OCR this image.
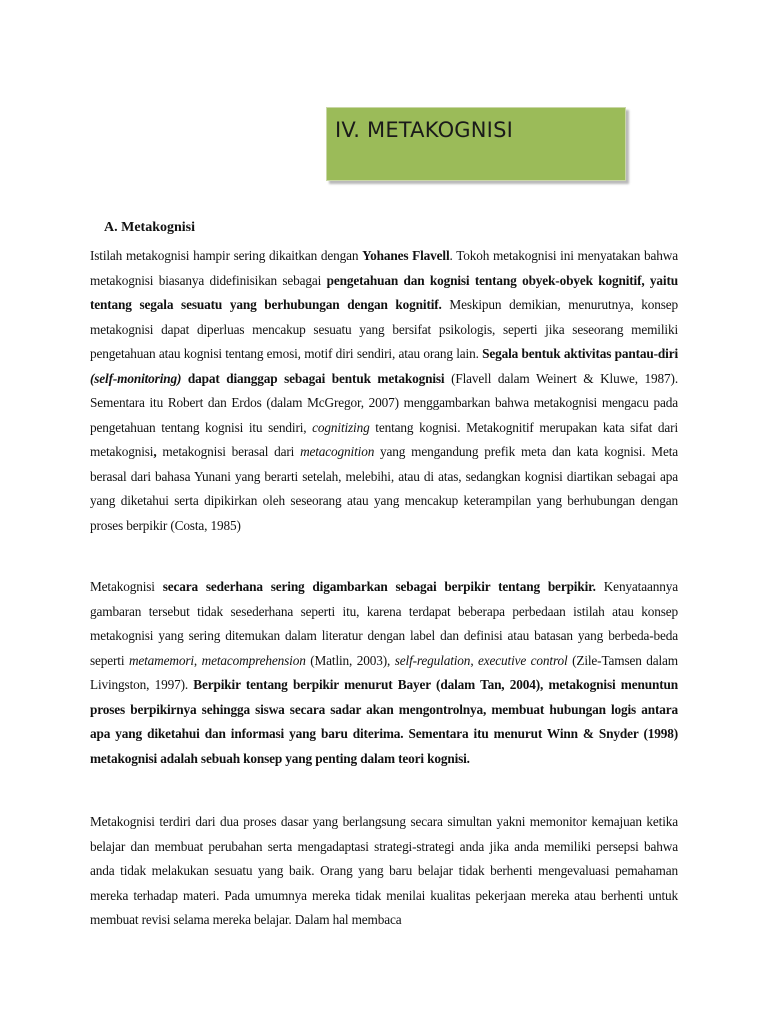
IV. METAKOGNISI
A. Metakognisi

Istilah metakognisi hampir sering dikaitkan dengan Yohanes Flavell. Tokoh metakognisi ini menyatakan bahwa metakognisi biasanya didefinisikan sebagai pengetahuan dan kognisi tentang obyek-obyek kognitif, yaitu tentang segala sesuatu yang berhubungan dengan kognitif. Meskipun demikian, menurutnya, konsep metakognisi dapat diperluas mencakup sesuatu yang bersifat psikologis, seperti jika seseorang memiliki pengetahuan atau kognisi tentang emosi, motif diri sendiri, atau orang lain. Segala bentuk aktivitas pantau-diri (self-monitoring) dapat dianggap sebagai bentuk metakognisi (Flavell dalam Weinert & Kluwe, 1987). Sementara itu Robert dan Erdos (dalam McGregor, 2007) menggambarkan bahwa metakognisi mengacu pada pengetahuan tentang kognisi itu sendiri, cognitizing tentang kognisi. Metakognitif merupakan kata sifat dari metakognisi, metakognisi berasal dari metacognition yang mengandung prefik meta dan kata kognisi. Meta berasal dari bahasa Yunani yang berarti setelah, melebihi, atau di atas, sedangkan kognisi diartikan sebagai apa yang diketahui serta dipikirkan oleh seseorang atau yang mencakup keterampilan yang berhubungan dengan proses berpikir (Costa, 1985)

Metakognisi secara sederhana sering digambarkan sebagai berpikir tentang berpikir. Kenyataannya gambaran tersebut tidak sesederhana seperti itu, karena terdapat beberapa perbedaan istilah atau konsep metakognisi yang sering ditemukan dalam literatur dengan label dan definisi atau batasan yang berbeda-beda seperti metamemori, metacomprehension (Matlin, 2003), self-regulation, executive control (Zile-Tamsen dalam Livingston, 1997). Berpikir tentang berpikir menurut Bayer (dalam Tan, 2004), metakognisi menuntun proses berpikirnya sehingga siswa secara sadar akan mengontrolnya, membuat hubungan logis antara apa yang diketahui dan informasi yang baru diterima. Sementara itu menurut Winn & Snyder (1998) metakognisi adalah sebuah konsep yang penting dalam teori kognisi.

Metakognisi terdiri dari dua proses dasar yang berlangsung secara simultan yakni memonitor kemajuan ketika belajar dan membuat perubahan serta mengadaptasi strategi-strategi anda jika anda memiliki persepsi bahwa anda tidak melakukan sesuatu yang baik. Orang yang baru belajar tidak berhenti mengevaluasi pemahaman mereka terhadap materi. Pada umumnya mereka tidak menilai kualitas pekerjaan mereka atau berhenti untuk membuat revisi selama mereka belajar. Dalam hal membaca
